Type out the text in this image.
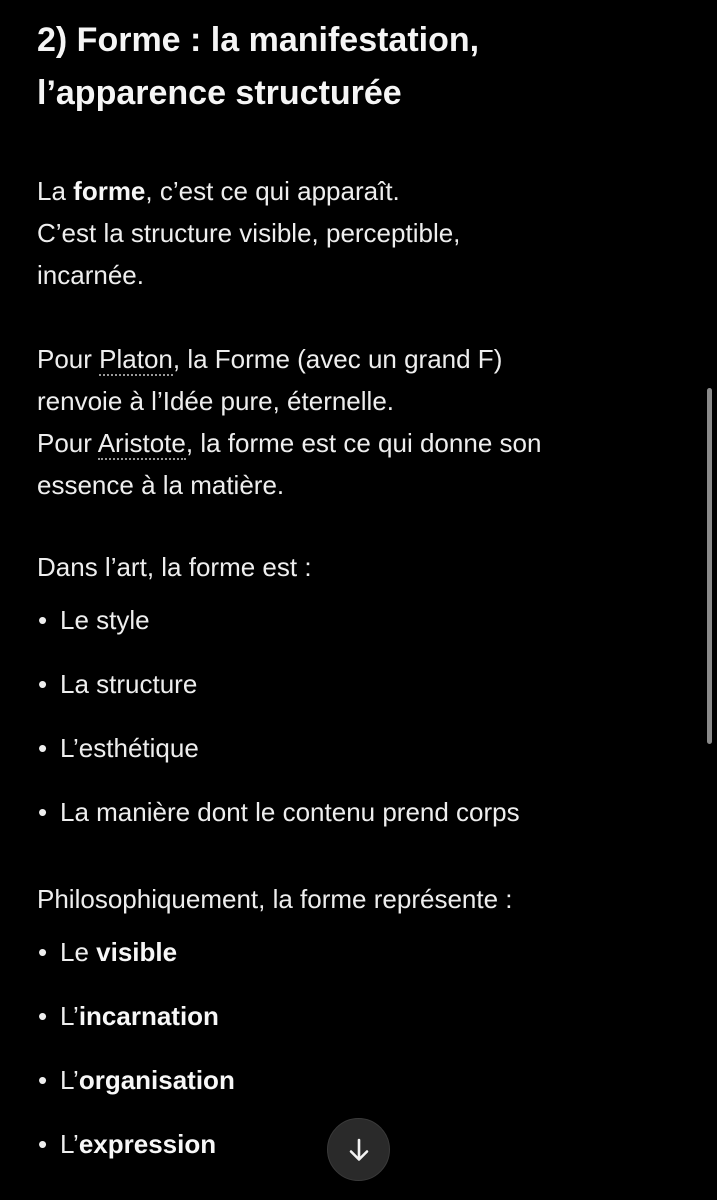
2) Forme : la manifestation,
l’apparence structurée

La forme, c’est ce qui apparaît.
C’est la structure visible, perceptible,
incarnée.

Pour Platon, la Forme (avec un grand F)
renvoie à l’Idée pure, éternelle.
Pour Aristote, la forme est ce qui donne son
essence à la matière.

Dans l’art, la forme est :

• Le style
• La structure
• L’esthétique
• La manière dont le contenu prend corps

Philosophiquement, la forme représente :

• Le visible
• L’incarnation
• L’organisation
• L’expression
